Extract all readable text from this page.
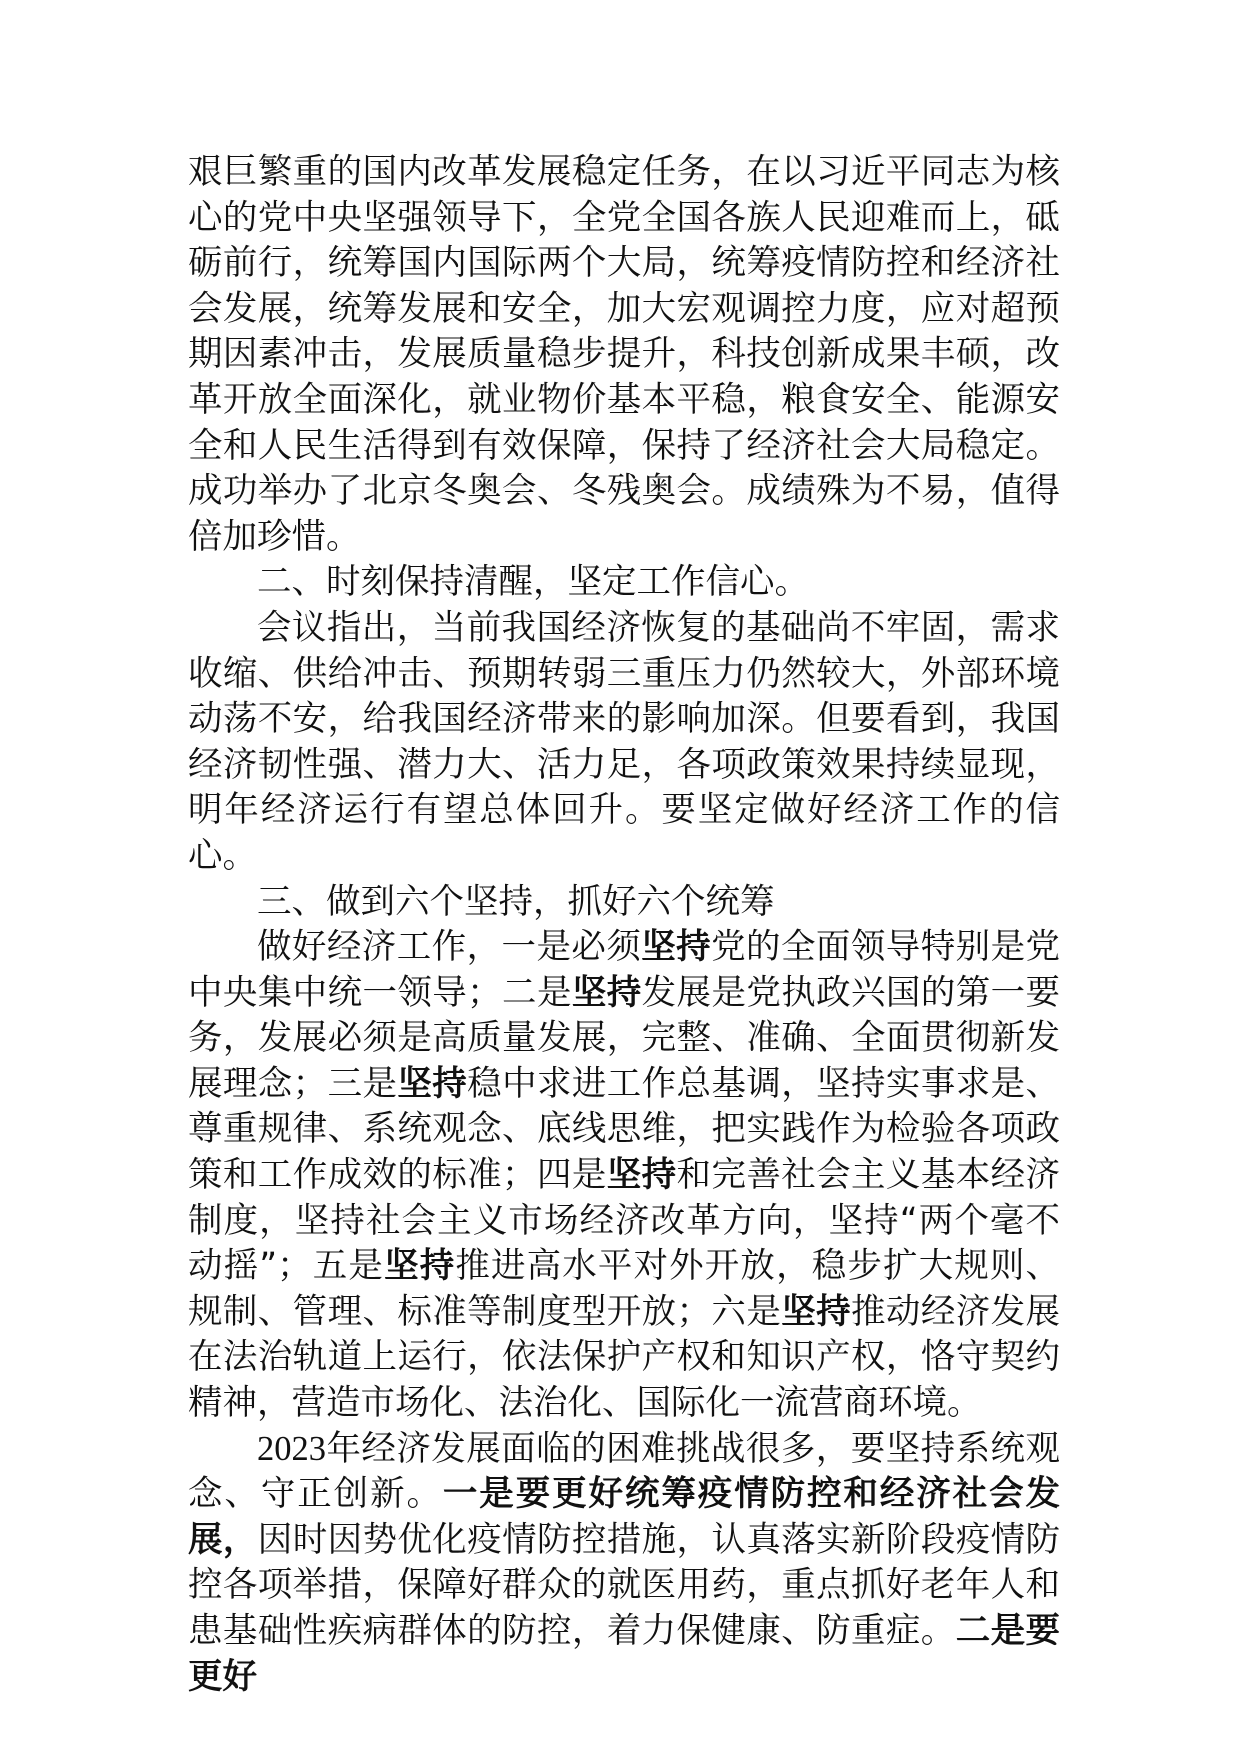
艰巨繁重的国内改革发展稳定任务，在以习近平同志为核心的党中央坚强领导下，全党全国各族人民迎难而上，砥砺前行，统筹国内国际两个大局，统筹疫情防控和经济社会发展，统筹发展和安全，加大宏观调控力度，应对超预期因素冲击，发展质量稳步提升，科技创新成果丰硕，改革开放全面深化，就业物价基本平稳，粮食安全、能源安全和人民生活得到有效保障，保持了经济社会大局稳定。成功举办了北京冬奥会、冬残奥会。成绩殊为不易，值得倍加珍惜。

二、时刻保持清醒，坚定工作信心。

会议指出，当前我国经济恢复的基础尚不牢固，需求收缩、供给冲击、预期转弱三重压力仍然较大，外部环境动荡不安，给我国经济带来的影响加深。但要看到，我国经济韧性强、潜力大、活力足，各项政策效果持续显现，明年经济运行有望总体回升。要坚定做好经济工作的信心。

三、做到六个坚持，抓好六个统筹

做好经济工作，一是必须坚持党的全面领导特别是党中央集中统一领导；二是坚持发展是党执政兴国的第一要务，发展必须是高质量发展，完整、准确、全面贯彻新发展理念；三是坚持稳中求进工作总基调，坚持实事求是、尊重规律、系统观念、底线思维，把实践作为检验各项政策和工作成效的标准；四是坚持和完善社会主义基本经济制度，坚持社会主义市场经济改革方向，坚持“两个毫不动摇”；五是坚持推进高水平对外开放，稳步扩大规则、规制、管理、标准等制度型开放；六是坚持推动经济发展在法治轨道上运行，依法保护产权和知识产权，恪守契约精神，营造市场化、法治化、国际化一流营商环境。

2023年经济发展面临的困难挑战很多，要坚持系统观念、守正创新。一是要更好统筹疫情防控和经济社会发展，因时因势优化疫情防控措施，认真落实新阶段疫情防控各项举措，保障好群众的就医用药，重点抓好老年人和患基础性疾病群体的防控，着力保健康、防重症。二是要更好
